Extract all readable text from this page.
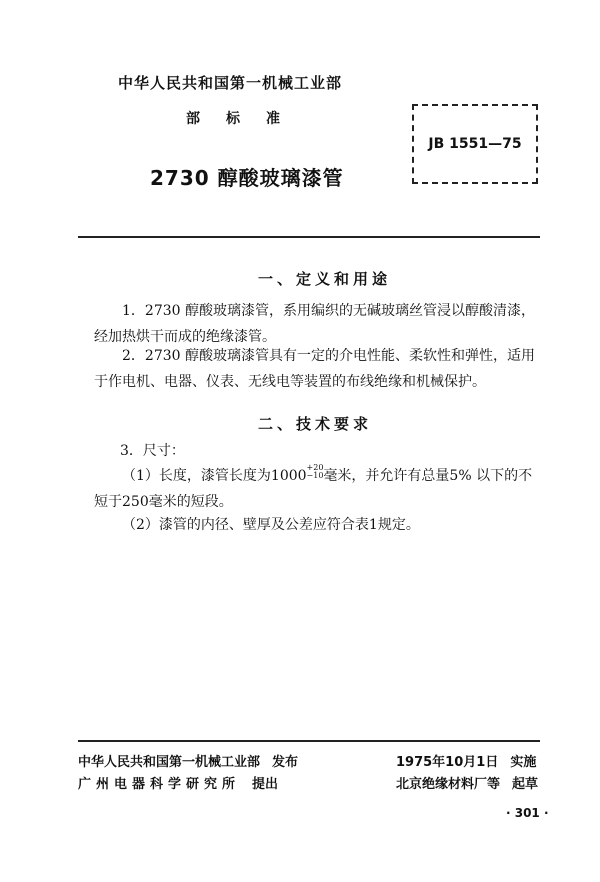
中华人民共和国第一机械工业部
部标准
JB 1551—75
2730 醇酸玻璃漆管
一、定义和用途
1．2730 醇酸玻璃漆管，系用编织的无碱玻璃丝管浸以醇酸清漆，经加热烘干而成的绝缘漆管。
2．2730 醇酸玻璃漆管具有一定的介电性能、柔软性和弹性，适用于作电机、电器、仪表、无线电等装置的布线绝缘和机械保护。
二、技术要求
3．尺寸：
（1）长度，漆管长度为1000
+20
−10 毫米，并允许有总量5% 以下的不短于250毫米的短段。
（2）漆管的内径、壁厚及公差应符合表1规定。
中华人民共和国第一机械工业部 发布
广州电器科学研究所 提出
1975年10月1日 实施
北京绝缘材料厂等 起草
· 301 ·
